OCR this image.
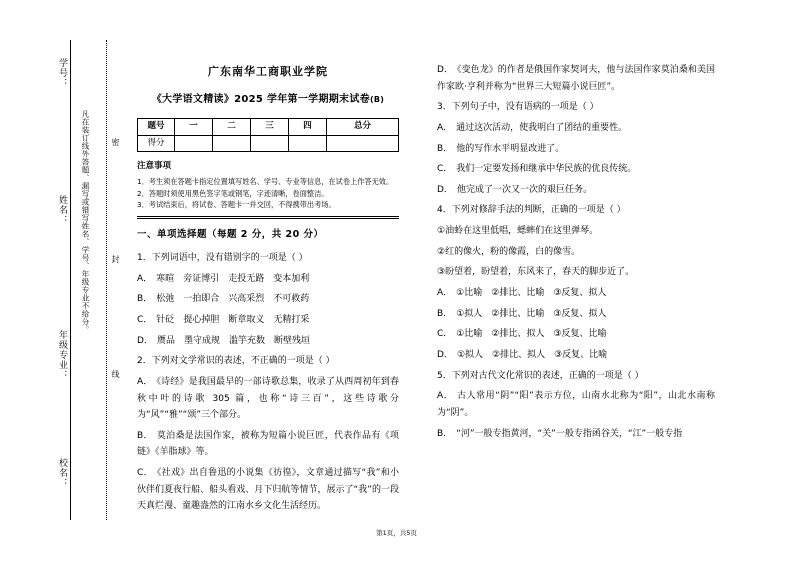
学号：
姓名：
年级专业：
校名：
凡在装订线外答题、漏写或错写姓名、学号、年级专业不给分。	密
封
线
广东南华工商职业学院
《大学语文精读》2025 学年第一学期期末试卷(B)
题号	一	二	三	四	总分
得分					
注意事项
1．考生须在答题卡指定位置填写姓名、学号、专业等信息，在试卷上作答无效。
2．答题时须使用黑色签字笔或钢笔，字迹清晰，卷面整洁。
3．考试结束后，将试卷、答题卡一并交回，不得携带出考场。
一、单项选择题（每题 2 分，共 20 分）
1．下列词语中，没有错别字的一项是（ ）
A． 寒暄 旁证博引 走投无路 变本加利
B． 松弛 一拍即合 兴高采烈 不可救药
C． 针砭 提心掉胆 断章取义 无精打采
D． 赝品 墨守成规 滥竽充数 断壁残垣
2．下列对文学常识的表述，不正确的一项是（ ）
A． 《诗经》是我国最早的一部诗歌总集，收录了从西周初年到春秋中叶的诗歌 305 篇，也称“诗三百”，这些诗歌分为“风”“雅”“颂”三个部分。
B． 莫泊桑是法国作家，被称为短篇小说巨匠，代表作品有《项链》《羊脂球》等。
C． 《社戏》出自鲁迅的小说集《彷徨》，文章通过描写“我”和小伙伴们夏夜行船、船头看戏、月下归航等情节，展示了“我”的一段天真烂漫、童趣盎然的江南水乡文化生活经历。
D． 《变色龙》的作者是俄国作家契诃夫，他与法国作家莫泊桑和美国作家欧·亨利并称为“世界三大短篇小说巨匠”。
3．下列句子中，没有语病的一项是（ ）
A． 通过这次活动，使我明白了团结的重要性。
B． 他的写作水平明显改进了。
C． 我们一定要发扬和继承中华民族的优良传统。
D． 他完成了一次又一次的艰巨任务。
4．下列对修辞手法的判断，正确的一项是（ ）
①油蛉在这里低唱，蟋蟀们在这里弹琴。
②红的像火，粉的像霞，白的像雪。
③盼望着，盼望着，东风来了，春天的脚步近了。
A． ①比喻 ②排比、比喻 ③反复、拟人
B． ①拟人 ②排比、比喻 ③反复、拟人
C． ①比喻 ②排比、拟人 ③反复、比喻
D． ①拟人 ②排比、拟人 ③反复、比喻
5．下列对古代文化常识的表述，正确的一项是（ ）
A． 古人常用“阴”“阳”表示方位，山南水北称为“阳”，山北水南称为“阴”。
B． “河”一般专指黄河，“关”一般专指函谷关，“江”一般专指
第1页，共5页
